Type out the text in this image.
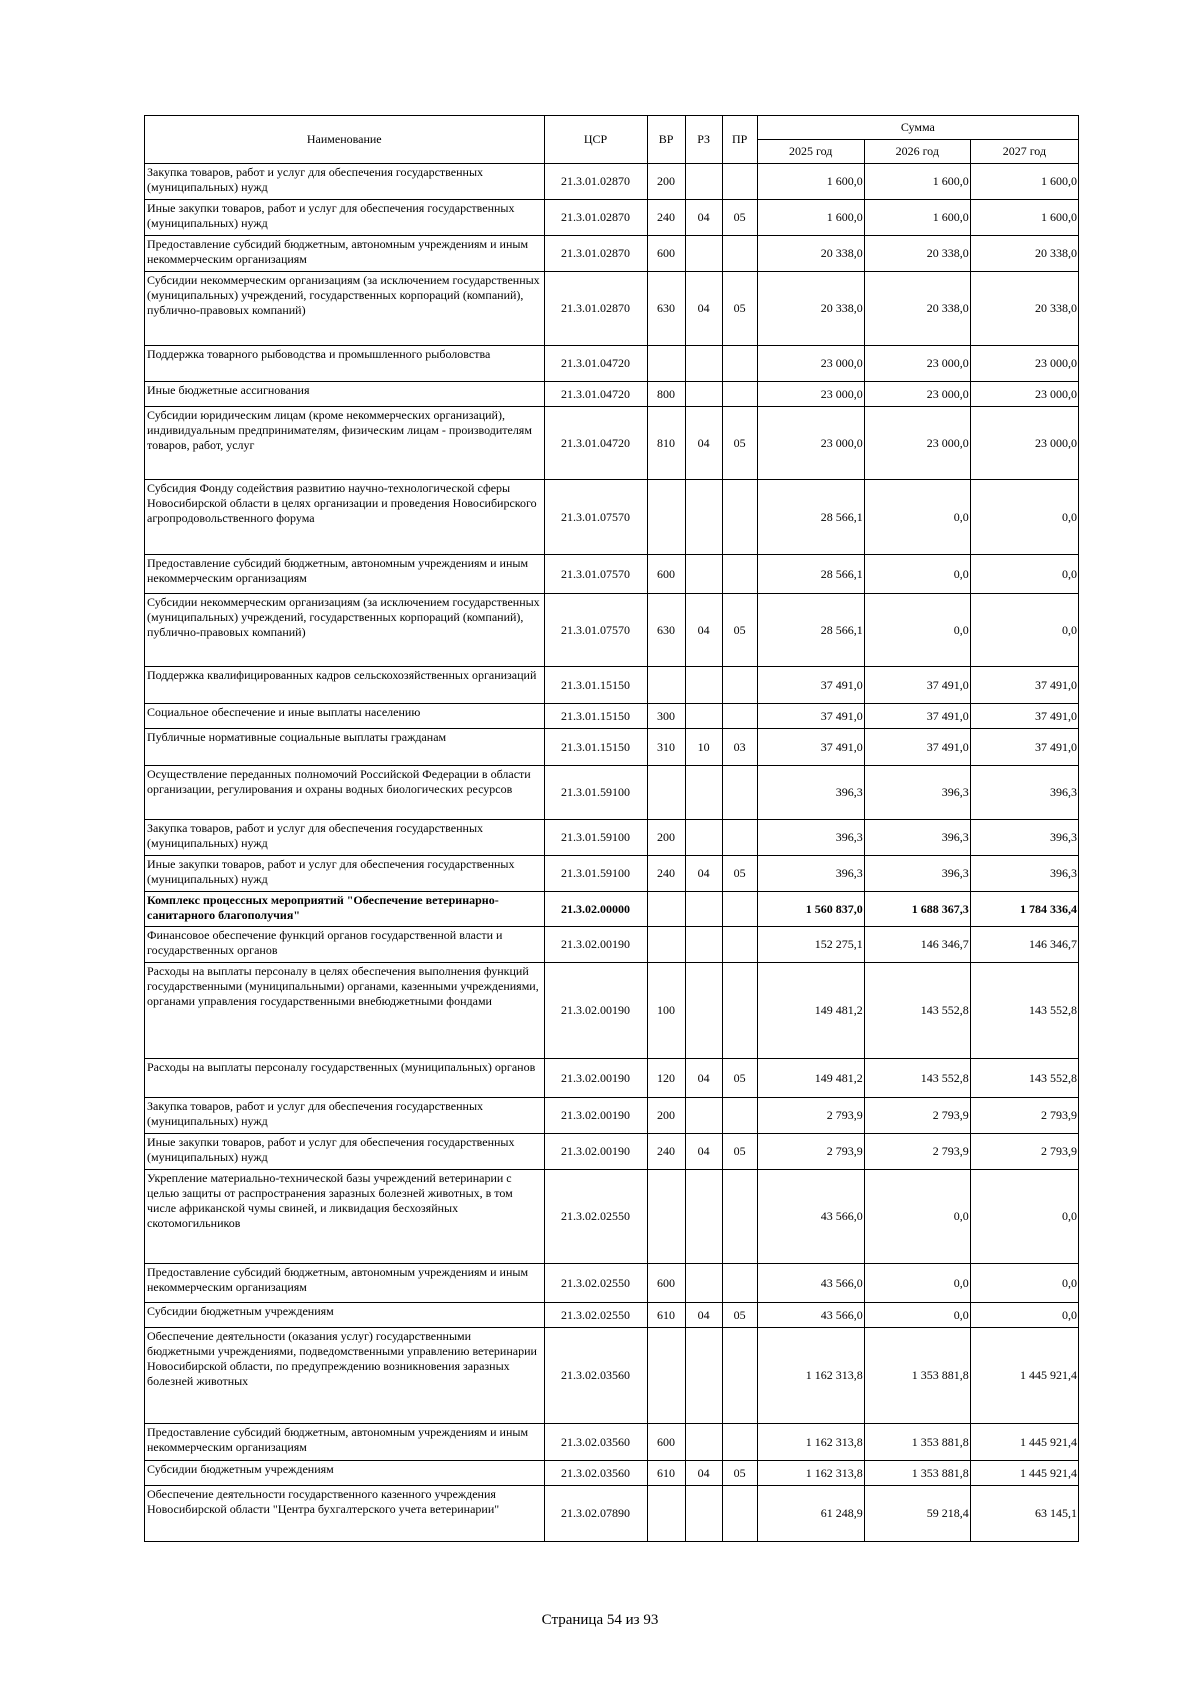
Наименование	ЦСР	ВР	РЗ	ПР	Сумма		
					2025 год	2026 год	2027 год
Закупка товаров, работ и услуг для обеспечения государственных (муниципальных) нужд	21.3.01.02870	200			1 600,0	1 600,0	1 600,0
Иные закупки товаров, работ и услуг для обеспечения государственных (муниципальных) нужд	21.3.01.02870	240	04	05	1 600,0	1 600,0	1 600,0
Предоставление субсидий бюджетным, автономным учреждениям и иным некоммерческим организациям	21.3.01.02870	600			20 338,0	20 338,0	20 338,0
Субсидии некоммерческим организациям (за исключением государственных (муниципальных) учреждений, государственных корпораций (компаний), публично-правовых компаний)	21.3.01.02870	630	04	05	20 338,0	20 338,0	20 338,0
Поддержка товарного рыбоводства и промышленного рыболовства	21.3.01.04720				23 000,0	23 000,0	23 000,0
Иные бюджетные ассигнования	21.3.01.04720	800			23 000,0	23 000,0	23 000,0
Субсидии юридическим лицам (кроме некоммерческих организаций), индивидуальным предпринимателям, физическим лицам - производителям товаров, работ, услуг	21.3.01.04720	810	04	05	23 000,0	23 000,0	23 000,0
Субсидия Фонду содействия развитию научно-технологической сферы Новосибирской области в целях организации и проведения Новосибирского агропродовольственного форума	21.3.01.07570				28 566,1	0,0	0,0
Предоставление субсидий бюджетным, автономным учреждениям и иным некоммерческим организациям	21.3.01.07570	600			28 566,1	0,0	0,0
Субсидии некоммерческим организациям (за исключением государственных (муниципальных) учреждений, государственных корпораций (компаний), публично-правовых компаний)	21.3.01.07570	630	04	05	28 566,1	0,0	0,0
Поддержка квалифицированных кадров сельскохозяйственных организаций	21.3.01.15150				37 491,0	37 491,0	37 491,0
Социальное обеспечение и иные выплаты населению	21.3.01.15150	300			37 491,0	37 491,0	37 491,0
Публичные нормативные социальные выплаты гражданам	21.3.01.15150	310	10	03	37 491,0	37 491,0	37 491,0
Осуществление переданных полномочий Российской Федерации в области организации, регулирования и охраны водных биологических ресурсов	21.3.01.59100				396,3	396,3	396,3
Закупка товаров, работ и услуг для обеспечения государственных (муниципальных) нужд	21.3.01.59100	200			396,3	396,3	396,3
Иные закупки товаров, работ и услуг для обеспечения государственных (муниципальных) нужд	21.3.01.59100	240	04	05	396,3	396,3	396,3
Комплекс процессных мероприятий "Обеспечение ветеринарно-санитарного благополучия"	21.3.02.00000				1 560 837,0	1 688 367,3	1 784 336,4
Финансовое обеспечение функций органов государственной власти и государственных органов	21.3.02.00190				152 275,1	146 346,7	146 346,7
Расходы на выплаты персоналу в целях обеспечения выполнения функций государственными (муниципальными) органами, казенными учреждениями, органами управления государственными внебюджетными фондами	21.3.02.00190	100			149 481,2	143 552,8	143 552,8
Расходы на выплаты персоналу государственных (муниципальных) органов	21.3.02.00190	120	04	05	149 481,2	143 552,8	143 552,8
Закупка товаров, работ и услуг для обеспечения государственных (муниципальных) нужд	21.3.02.00190	200			2 793,9	2 793,9	2 793,9
Иные закупки товаров, работ и услуг для обеспечения государственных (муниципальных) нужд	21.3.02.00190	240	04	05	2 793,9	2 793,9	2 793,9
Укрепление материально-технической базы учреждений ветеринарии с целью защиты от распространения заразных болезней животных, в том числе африканской чумы свиней, и ликвидация бесхозяйных скотомогильников	21.3.02.02550				43 566,0	0,0	0,0
Предоставление субсидий бюджетным, автономным учреждениям и иным некоммерческим организациям	21.3.02.02550	600			43 566,0	0,0	0,0
Субсидии бюджетным учреждениям	21.3.02.02550	610	04	05	43 566,0	0,0	0,0
Обеспечение деятельности (оказания услуг) государственными бюджетными учреждениями, подведомственными управлению ветеринарии Новосибирской области, по предупреждению возникновения заразных болезней животных	21.3.02.03560				1 162 313,8	1 353 881,8	1 445 921,4
Предоставление субсидий бюджетным, автономным учреждениям и иным некоммерческим организациям	21.3.02.03560	600			1 162 313,8	1 353 881,8	1 445 921,4
Субсидии бюджетным учреждениям	21.3.02.03560	610	04	05	1 162 313,8	1 353 881,8	1 445 921,4
Обеспечение деятельности государственного казенного учреждения Новосибирской области "Центра бухгалтерского учета ветеринарии"	21.3.02.07890				61 248,9	59 218,4	63 145,1
Страница 54 из 93
